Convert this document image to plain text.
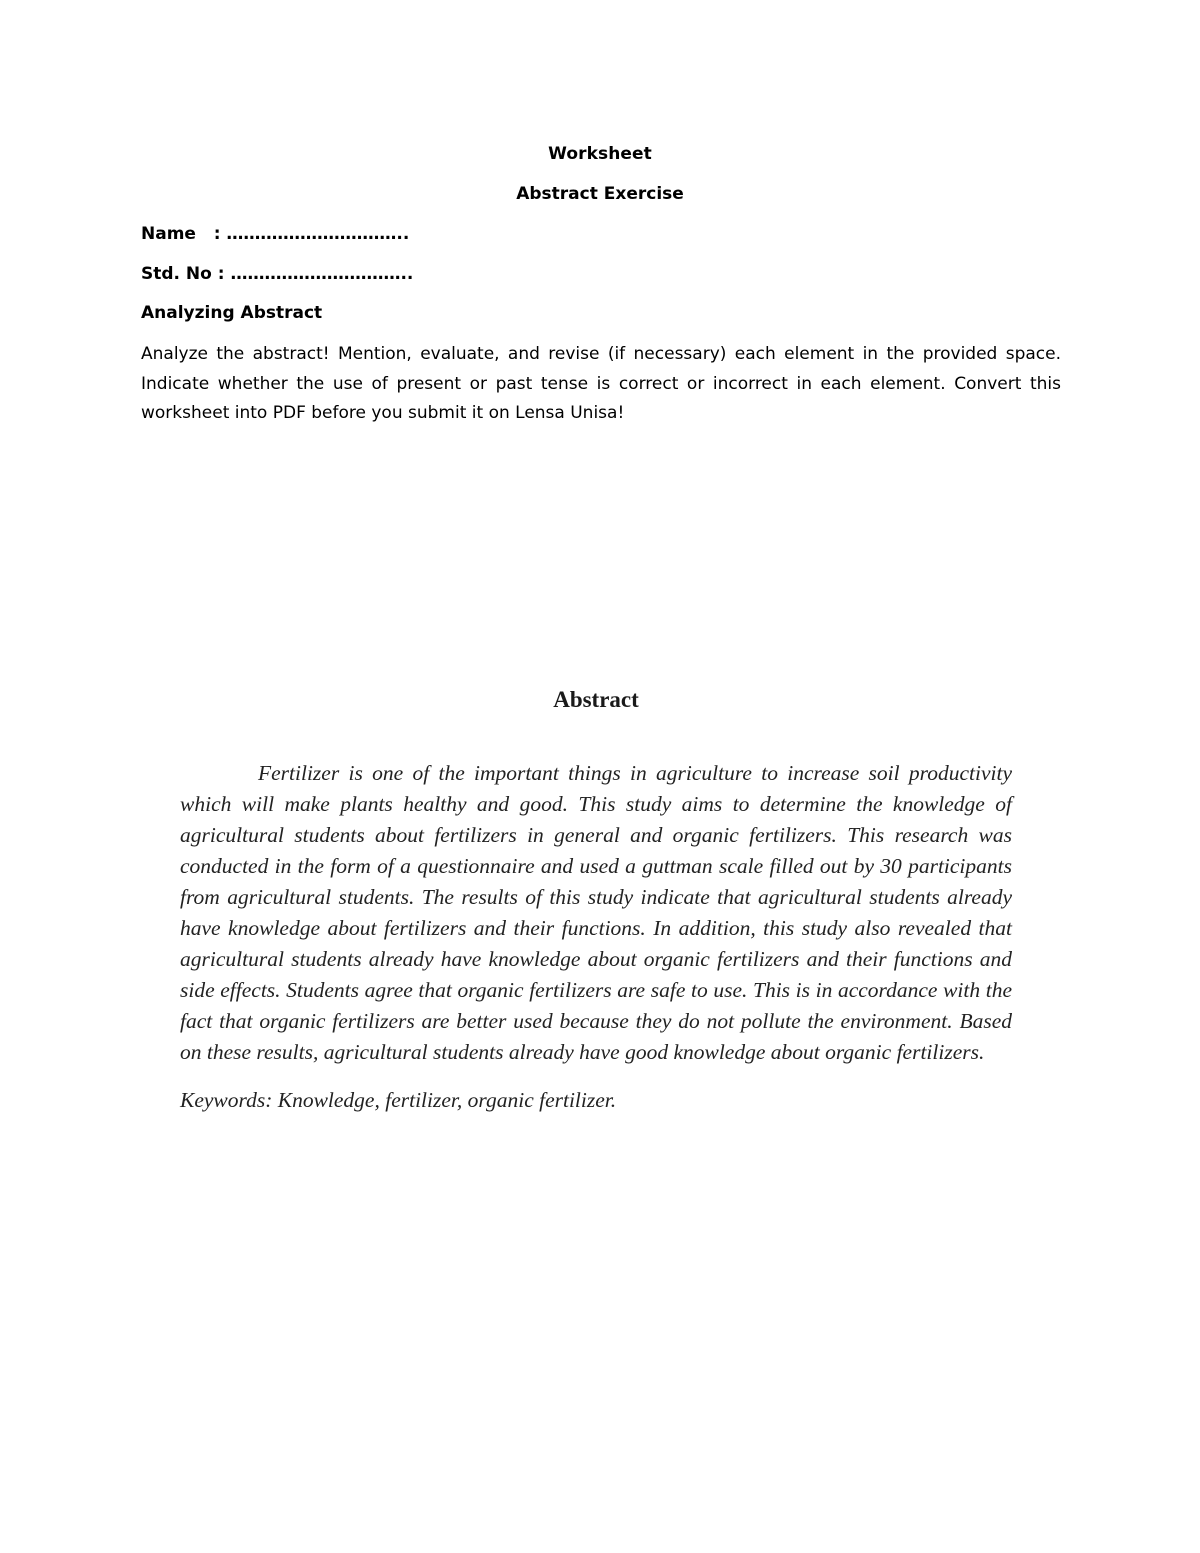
Worksheet
Abstract Exercise
Name   : …………………………..
Std. No : …………………………..
Analyzing Abstract

Analyze the abstract! Mention, evaluate, and revise (if necessary) each element in the provided space. Indicate whether the use of present or past tense is correct or incorrect in each element. Convert this worksheet into PDF before you submit it on Lensa Unisa!

Abstract

Fertilizer is one of the important things in agriculture to increase soil productivity which will make plants healthy and good. This study aims to determine the knowledge of agricultural students about fertilizers in general and organic fertilizers. This research was conducted in the form of a questionnaire and used a guttman scale filled out by 30 participants from agricultural students. The results of this study indicate that agricultural students already have knowledge about fertilizers and their functions. In addition, this study also revealed that agricultural students already have knowledge about organic fertilizers and their functions and side effects. Students agree that organic fertilizers are safe to use. This is in accordance with the fact that organic fertilizers are better used because they do not pollute the environment. Based on these results, agricultural students already have good knowledge about organic fertilizers.

Keywords: Knowledge, fertilizer, organic fertilizer.
